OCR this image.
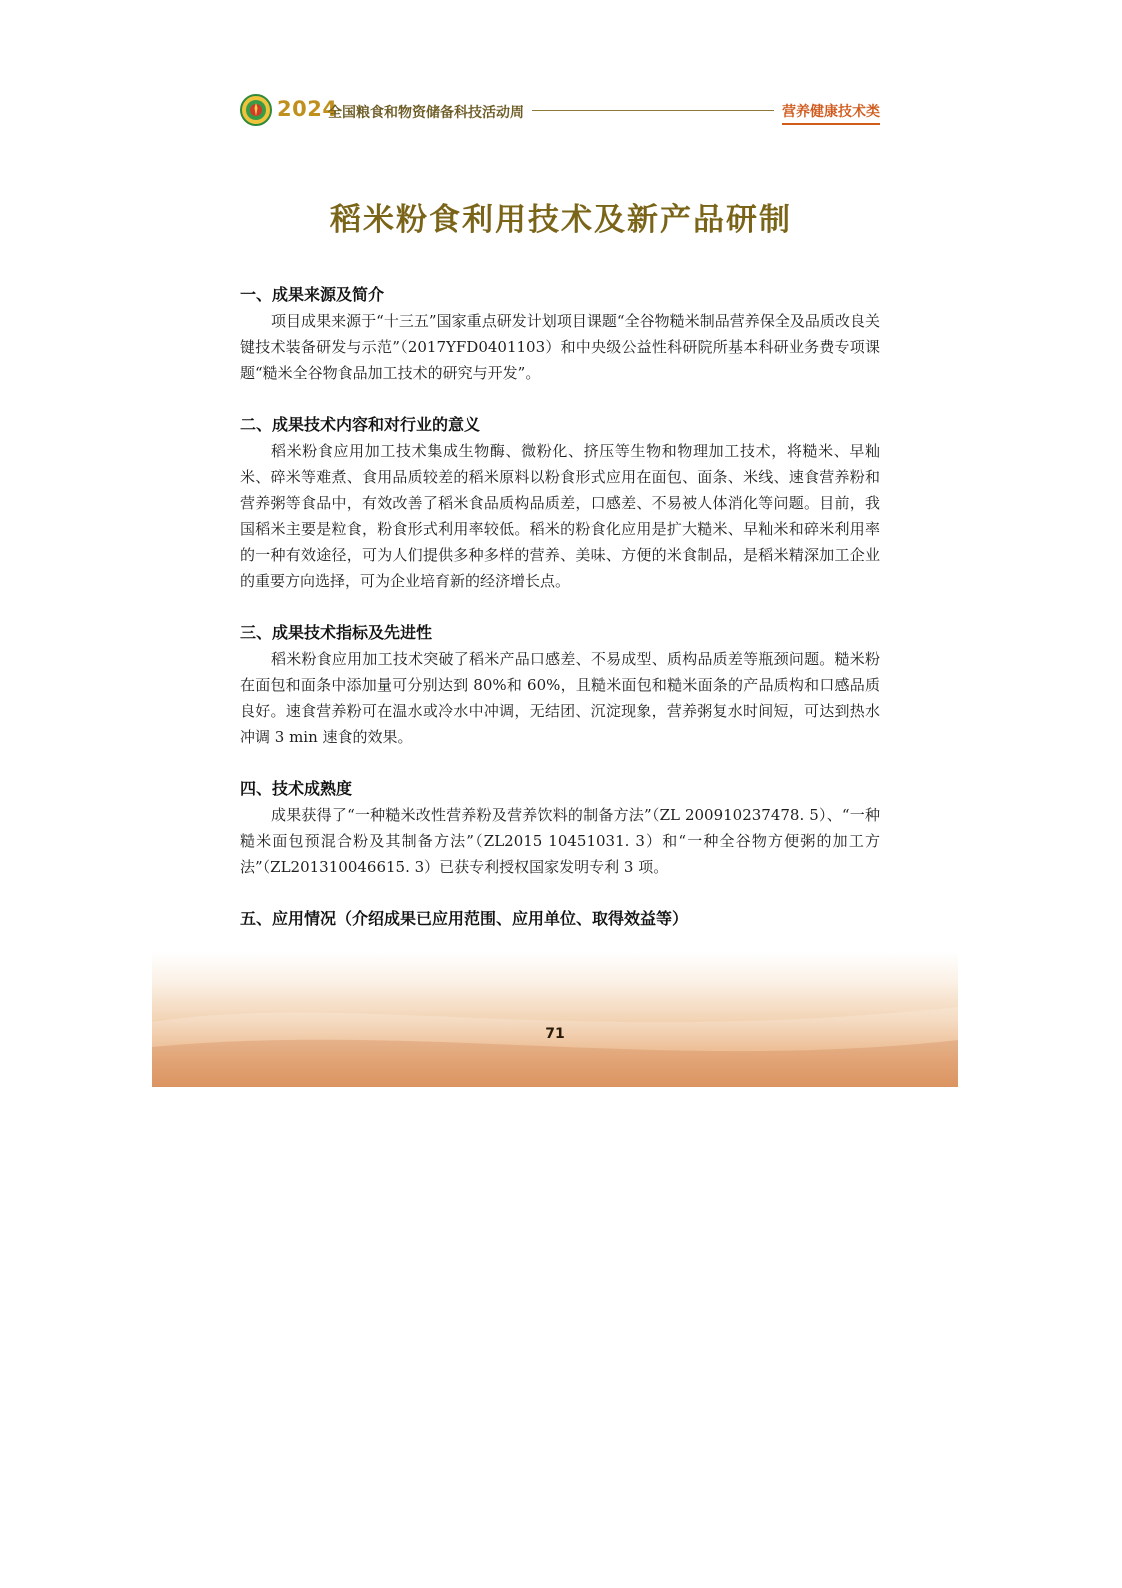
2024
全国粮食和物资储备科技活动周	营养健康技术类
稻米粉食利用技术及新产品研制

一、成果来源及简介

项目成果来源于“十三五”国家重点研发计划项目课题“全谷物糙米制品营养保全及品质改良关键技术装备研发与示范”（2017YFD0401103）和中央级公益性科研院所基本科研业务费专项课题“糙米全谷物食品加工技术的研究与开发”。

二、成果技术内容和对行业的意义

稻米粉食应用加工技术集成生物酶、微粉化、挤压等生物和物理加工技术，将糙米、早籼米、碎米等难煮、食用品质较差的稻米原料以粉食形式应用在面包、面条、米线、速食营养粉和营养粥等食品中，有效改善了稻米食品质构品质差，口感差、不易被人体消化等问题。目前，我国稻米主要是粒食，粉食形式利用率较低。稻米的粉食化应用是扩大糙米、早籼米和碎米利用率的一种有效途径，可为人们提供多种多样的营养、美味、方便的米食制品，是稻米精深加工企业的重要方向选择，可为企业培育新的经济增长点。

三、成果技术指标及先进性

稻米粉食应用加工技术突破了稻米产品口感差、不易成型、质构品质差等瓶颈问题。糙米粉在面包和面条中添加量可分别达到 80%和 60%，且糙米面包和糙米面条的产品质构和口感品质良好。速食营养粉可在温水或冷水中冲调，无结团、沉淀现象，营养粥复水时间短，可达到热水冲调 3 min 速食的效果。

四、技术成熟度

成果获得了“一种糙米改性营养粉及营养饮料的制备方法”（ZL 200910237478. 5）、“一种糙米面包预混合粉及其制备方法”（ZL2015 10451031. 3）和“一种全谷物方便粥的加工方法”（ZL201310046615. 3）已获专利授权国家发明专利 3 项。

五、应用情况（介绍成果已应用范围、应用单位、取得效益等）

71
